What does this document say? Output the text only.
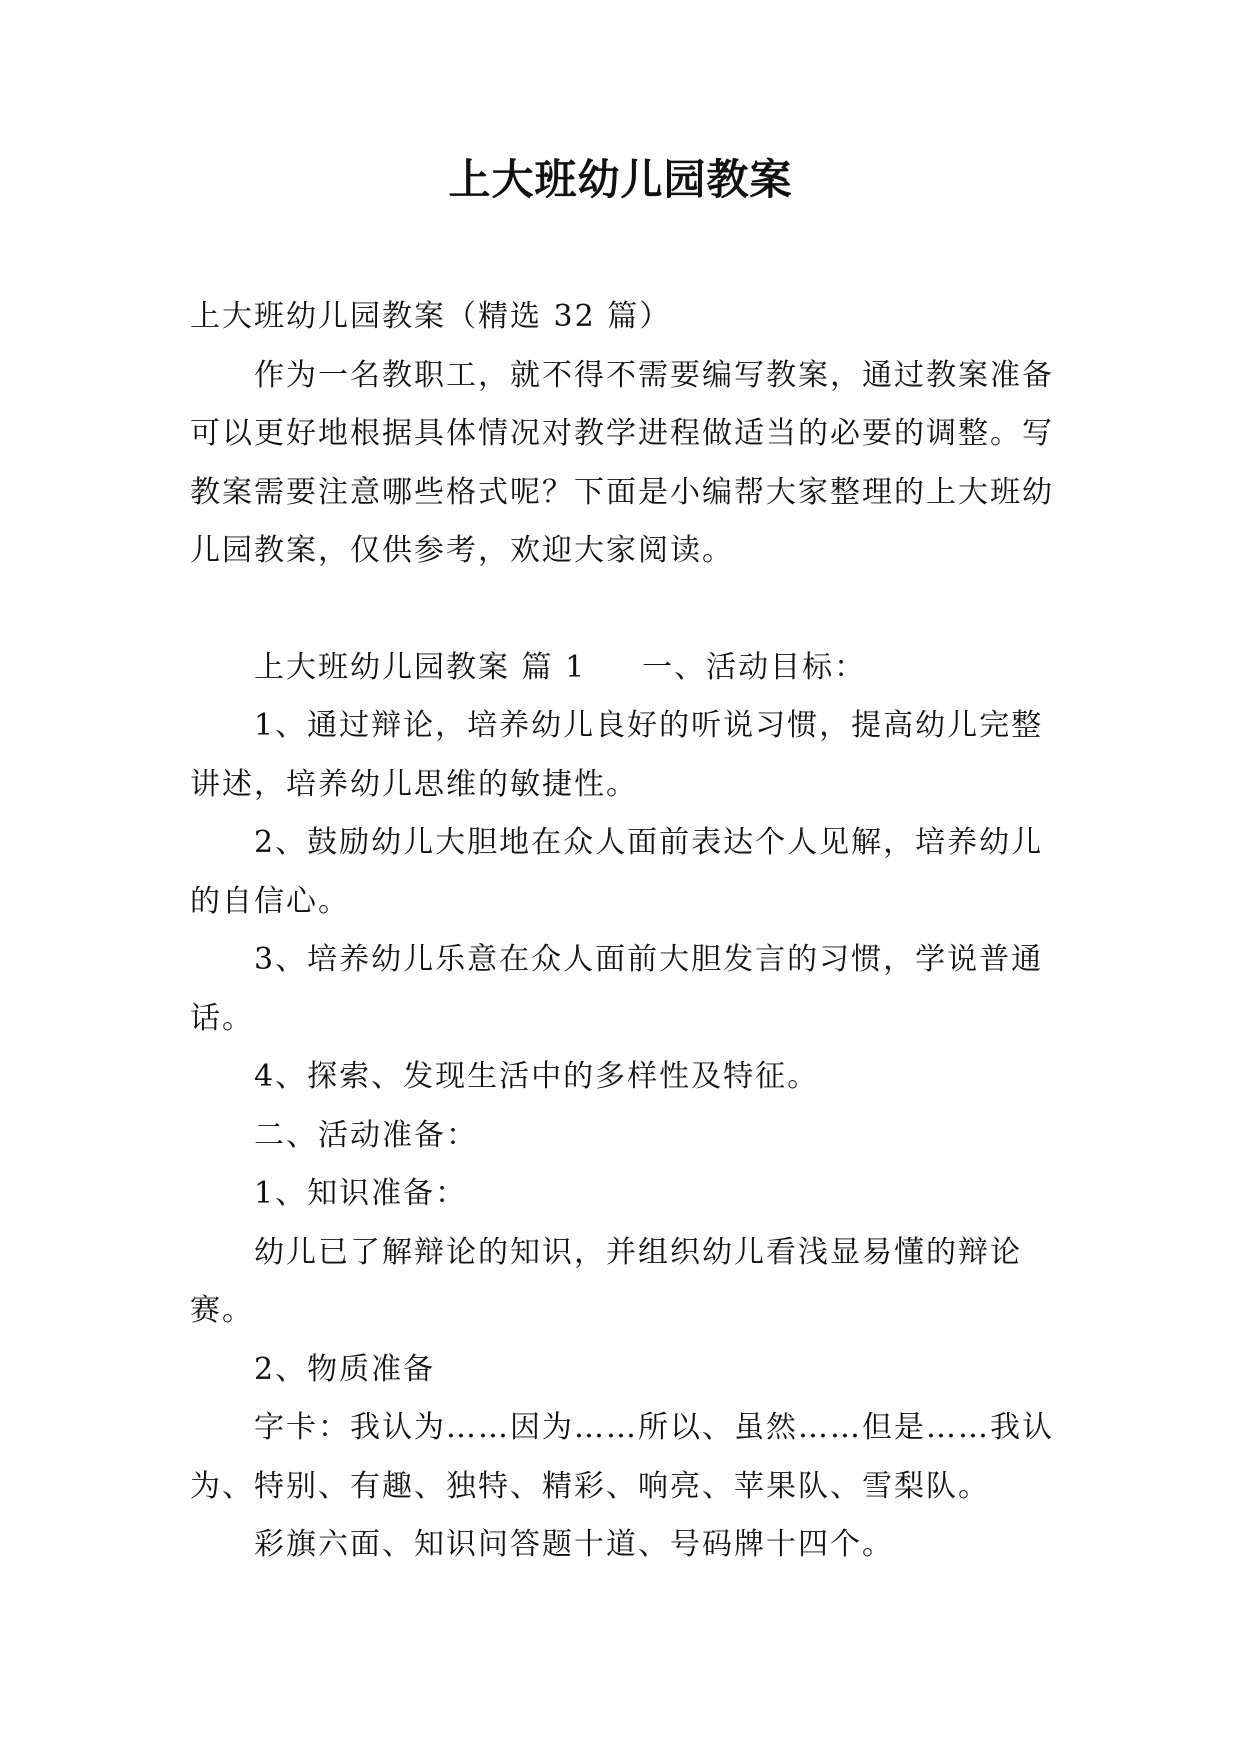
上大班幼儿园教案

上大班幼儿园教案（精选 32 篇）

作为一名教职工，就不得不需要编写教案，通过教案准备可以更好地根据具体情况对教学进程做适当的必要的调整。写教案需要注意哪些格式呢？下面是小编帮大家整理的上大班幼儿园教案，仅供参考，欢迎大家阅读。

上大班幼儿园教案 篇 1 一、活动目标：

1、通过辩论，培养幼儿良好的听说习惯，提高幼儿完整讲述，培养幼儿思维的敏捷性。

2、鼓励幼儿大胆地在众人面前表达个人见解，培养幼儿的自信心。

3、培养幼儿乐意在众人面前大胆发言的习惯，学说普通话。

4、探索、发现生活中的多样性及特征。

二、活动准备：

1、知识准备：

幼儿已了解辩论的知识，并组织幼儿看浅显易懂的辩论赛。

2、物质准备

字卡：我认为……因为……所以、虽然……但是……我认为、特别、有趣、独特、精彩、响亮、苹果队、雪梨队。

彩旗六面、知识问答题十道、号码牌十四个。
